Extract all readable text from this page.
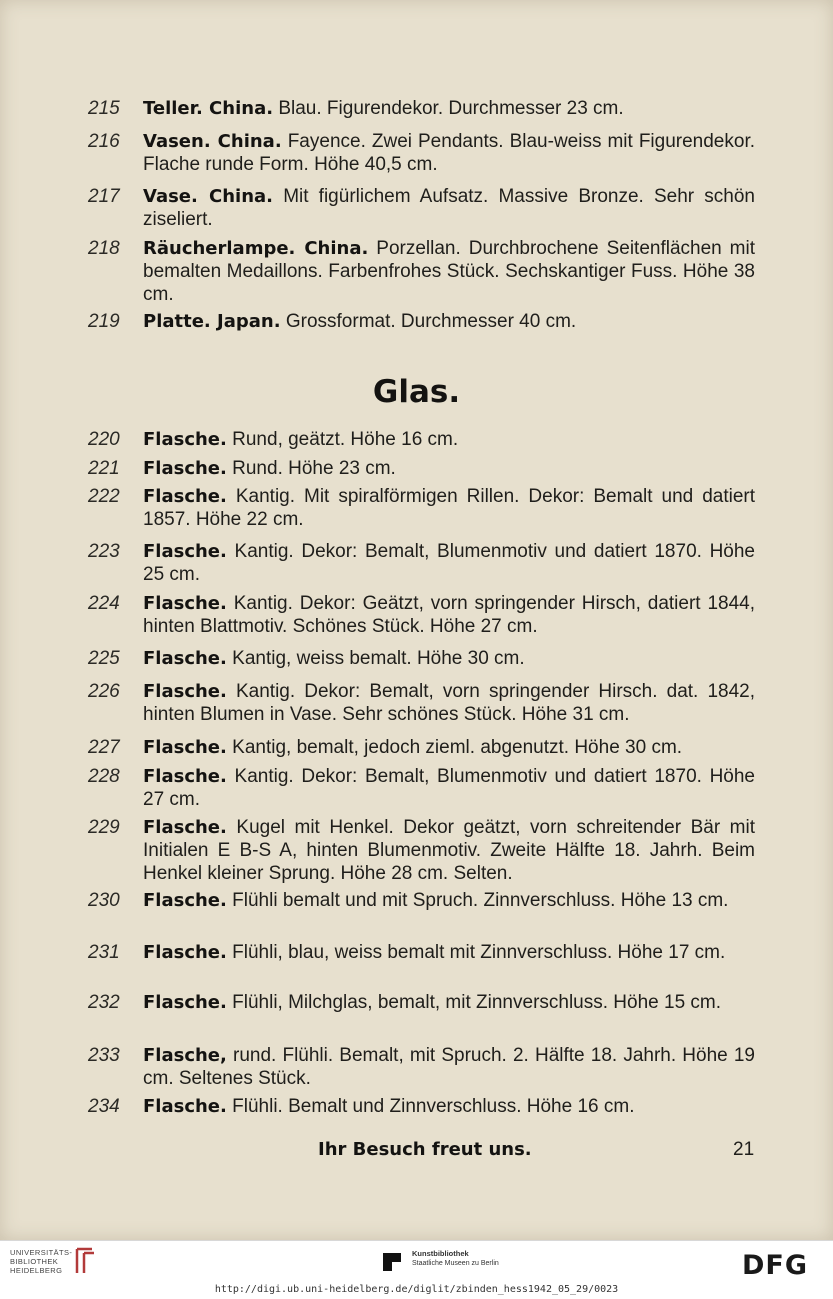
215	Teller. China. Blau. Figurendekor. Durchmesser 23 cm.
216	Vasen. China. Fayence. Zwei Pendants. Blau-weiss mit Figurendekor. Flache runde Form. Höhe 40,5 cm.
217	Vase. China. Mit figürlichem Aufsatz. Massive Bronze. Sehr schön ziseliert.
218	Räucherlampe. China. Porzellan. Durchbrochene Seitenflächen mit bemalten Medaillons. Farbenfrohes Stück. Sechskantiger Fuss. Höhe 38 cm.
219	Platte. Japan. Grossformat. Durchmesser 40 cm.
220	Flasche. Rund, geätzt. Höhe 16 cm.
221	Flasche. Rund. Höhe 23 cm.
222	Flasche. Kantig. Mit spiralförmigen Rillen. Dekor: Bemalt und datiert 1857. Höhe 22 cm.
223	Flasche. Kantig. Dekor: Bemalt, Blumenmotiv und datiert 1870. Höhe 25 cm.
224	Flasche. Kantig. Dekor: Geätzt, vorn springender Hirsch, datiert 1844, hinten Blattmotiv. Schönes Stück. Höhe 27 cm.
225	Flasche. Kantig, weiss bemalt. Höhe 30 cm.
226	Flasche. Kantig. Dekor: Bemalt, vorn springender Hirsch. dat. 1842, hinten Blumen in Vase. Sehr schönes Stück. Höhe 31 cm.
227	Flasche. Kantig, bemalt, jedoch zieml. abgenutzt. Höhe 30 cm.
228	Flasche. Kantig. Dekor: Bemalt, Blumenmotiv und datiert 1870. Höhe 27 cm.
229	Flasche. Kugel mit Henkel. Dekor geätzt, vorn schreitender Bär mit Initialen E B-S A, hinten Blumenmotiv. Zweite Hälfte 18. Jahrh. Beim Henkel kleiner Sprung. Höhe 28 cm. Selten.
230	Flasche. Flühli bemalt und mit Spruch. Zinnverschluss. Höhe 13 cm.
231	Flasche. Flühli, blau, weiss bemalt mit Zinnverschluss. Höhe 17 cm.
232	Flasche. Flühli, Milchglas, bemalt, mit Zinnverschluss. Höhe 15 cm.
233	Flasche, rund. Flühli. Bemalt, mit Spruch. 2. Hälfte 18. Jahrh. Höhe 19 cm. Seltenes Stück.
234	Flasche. Flühli. Bemalt und Zinnverschluss. Höhe 16 cm.
Glas.
Ihr Besuch freut uns.	21
UNIVERSITÄTS-
BIBLIOTHEK
HEIDELBERG
Kunstbibliothek
Staatliche Museen zu Berlin	DFG
http://digi.ub.uni-heidelberg.de/diglit/zbinden_hess1942_05_29/0023
